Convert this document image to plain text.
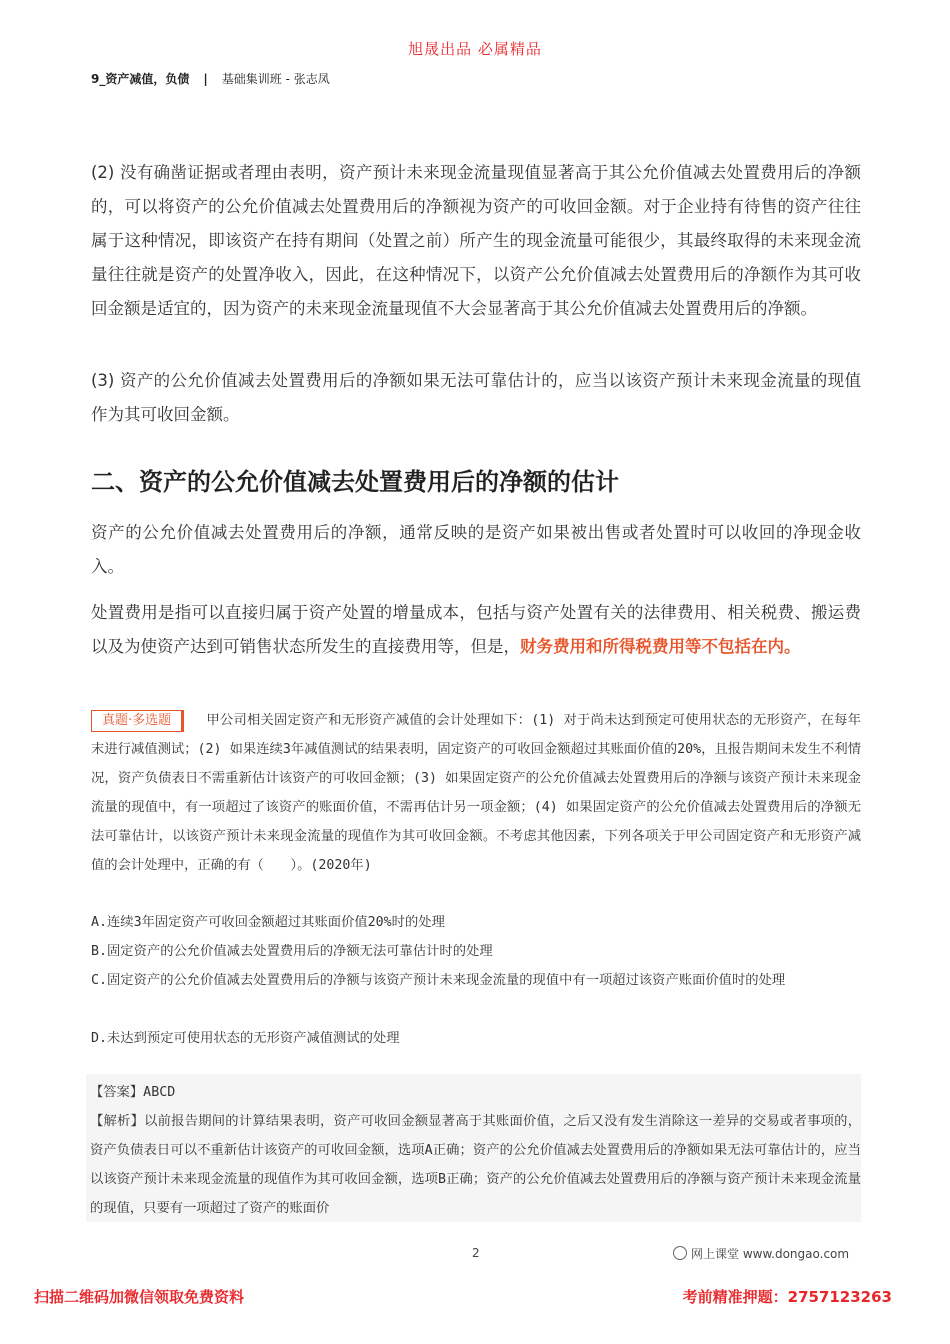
旭晟出品 必属精品
9_资产减值，负债 | 基础集训班 - 张志凤
(2) 没有确凿证据或者理由表明，资产预计未来现金流量现值显著高于其公允价值减去处置费用后的净额的，可以将资产的公允价值减去处置费用后的净额视为资产的可收回金额。对于企业持有待售的资产往往属于这种情况，即该资产在持有期间（处置之前）所产生的现金流量可能很少，其最终取得的未来现金流量往往就是资产的处置净收入，因此，在这种情况下，以资产公允价值减去处置费用后的净额作为其可收回金额是适宜的，因为资产的未来现金流量现值不大会显著高于其公允价值减去处置费用后的净额。
(3) 资产的公允价值减去处置费用后的净额如果无法可靠估计的，应当以该资产预计未来现金流量的现值作为其可收回金额。
二、资产的公允价值减去处置费用后的净额的估计
资产的公允价值减去处置费用后的净额，通常反映的是资产如果被出售或者处置时可以收回的净现金收入。
处置费用是指可以直接归属于资产处置的增量成本，包括与资产处置有关的法律费用、相关税费、搬运费以及为使资产达到可销售状态所发生的直接费用等，但是，财务费用和所得税费用等不包括在内。
真题·多选题	甲公司相关固定资产和无形资产减值的会计处理如下：(1) 对于尚未达到预定可使用状态的无形资产，在每年末进行减值测试；(2) 如果连续3年减值测试的结果表明，固定资产的可收回金额超过其账面价值的20%，且报告期间未发生不利情况，资产负债表日不需重新估计该资产的可收回金额；(3) 如果固定资产的公允价值减去处置费用后的净额与该资产预计未来现金流量的现值中，有一项超过了该资产的账面价值，不需再估计另一项金额；(4) 如果固定资产的公允价值减去处置费用后的净额无法可靠估计，以该资产预计未来现金流量的现值作为其可收回金额。不考虑其他因素，下列各项关于甲公司固定资产和无形资产减值的会计处理中，正确的有（　　）。(2020年)
A.连续3年固定资产可收回金额超过其账面价值20%时的处理
B.固定资产的公允价值减去处置费用后的净额无法可靠估计时的处理
C.固定资产的公允价值减去处置费用后的净额与该资产预计未来现金流量的现值中有一项超过该资产账面价值时的处理
D.未达到预定可使用状态的无形资产减值测试的处理
【答案】ABCD
【解析】以前报告期间的计算结果表明，资产可收回金额显著高于其账面价值，之后又没有发生消除这一差异的交易或者事项的，资产负债表日可以不重新估计该资产的可收回金额，选项A正确；资产的公允价值减去处置费用后的净额如果无法可靠估计的，应当以该资产预计未来现金流量的现值作为其可收回金额，选项B正确；资产的公允价值减去处置费用后的净额与资产预计未来现金流量的现值，只要有一项超过了资产的账面价
2	网上课堂 www.dongao.com
扫描二维码加微信领取免费资料	考前精准押题：2757123263
